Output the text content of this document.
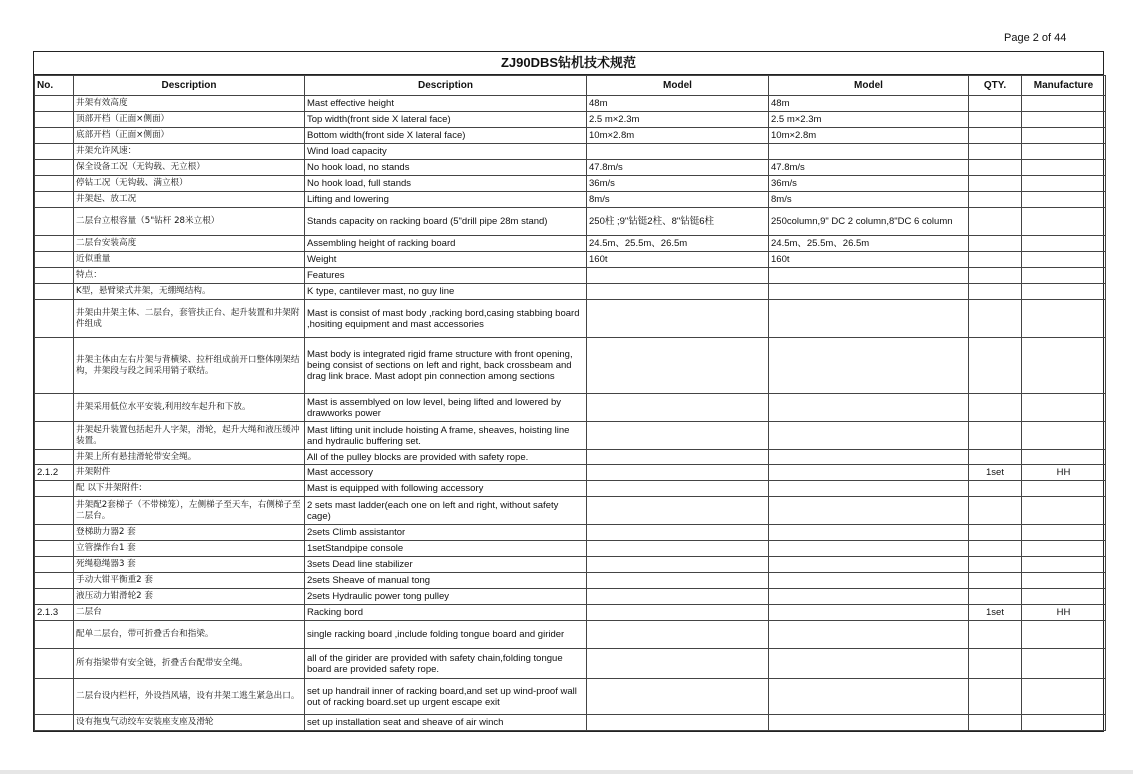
Page 2 of 44
ZJ90DBS钻机技术规范
No.	Description	Description	Model	Model	QTY.	Manufacture
	井架有效高度	Mast effective height	48m	48m		
	顶部开档（正面×侧面）	Top width(front side X lateral face)	2.5 m×2.3m	2.5 m×2.3m		
	底部开档（正面×侧面）	Bottom width(front side X lateral face)	10m×2.8m	10m×2.8m		
	井架允许风速：	Wind load capacity				
	保全设备工况（无钩载、无立根）	No hook load, no stands	47.8m/s	47.8m/s		
	停钻工况（无钩载、满立根）	No hook load, full stands	36m/s	36m/s		
	井架起、放工况	Lifting and lowering	8m/s	8m/s		
	二层台立根容量（5"钻杆 28米立根）	Stands capacity on racking board (5"drill pipe 28m stand)	250柱 ;9"钻铤2柱、8"钻铤6柱	250column,9" DC 2 column,8"DC 6 column		
	二层台安装高度	Assembling height of racking board	24.5m、25.5m、26.5m	24.5m、25.5m、26.5m		
	近似重量	Weight	160t	160t		
	特点：	Features				
	K型，悬臂梁式井架，无绷绳结构。	K type, cantilever mast, no guy line				
	井架由井架主体、二层台，套管扶正台、起升装置和井架附件组成	Mast is consist of mast body ,racking bord,casing stabbing board ,hositing equipment and mast accessories				
	井架主体由左右片架与背横梁、拉杆组成前开口整体刚架结构，井架段与段之间采用销子联结。	Mast body is integrated rigid frame structure with front opening, being consist of sections on left and right, back crossbeam and drag link brace. Mast adopt pin connection among sections				
	井架采用低位水平安装,利用绞车起升和下放。	Mast is assemblyed on low level, being lifted and lowered by drawworks power				
	井架起升装置包括起升人字架，滑轮，起升大绳和液压缓冲装置。	Mast lifting unit include hoisting A frame, sheaves, hoisting line and hydraulic buffering set.				
	井架上所有悬挂滑轮带安全绳。	All of the pulley blocks are provided with safety rope.				
2.1.2	井架附件	Mast accessory			1set	HH
	配 以下井架附件:	Mast is equipped with following accessory				
	井架配2套梯子（不带梯笼），左侧梯子至天车，右侧梯子至二层台。	2 sets mast ladder(each one on left and right, without safety cage)				
	登梯助力器2 套	2sets Climb assistantor				
	立管操作台1 套	1setStandpipe console				
	死绳稳绳器3 套	3sets Dead line stabilizer				
	手动大钳平衡重2 套	2sets Sheave of manual tong				
	液压动力钳滑轮2 套	2sets Hydraulic power tong pulley				
2.1.3	二层台	Racking bord			1set	HH
	配单二层台，带可折叠舌台和指梁。	single racking board ,include folding tongue board and girider				
	所有指梁带有安全链，折叠舌台配带安全绳。	all of the girider are provided with safety chain,folding tongue board are provided safety rope.				
	二层台设内栏杆，外设挡风墙，设有井架工逃生紧急出口。	set up handrail inner of racking board,and set up wind-proof wall out of racking board.set up urgent escape exit				
	设有拖曳气动绞车安装座支座及滑轮	set up installation seat and sheave of air winch				
